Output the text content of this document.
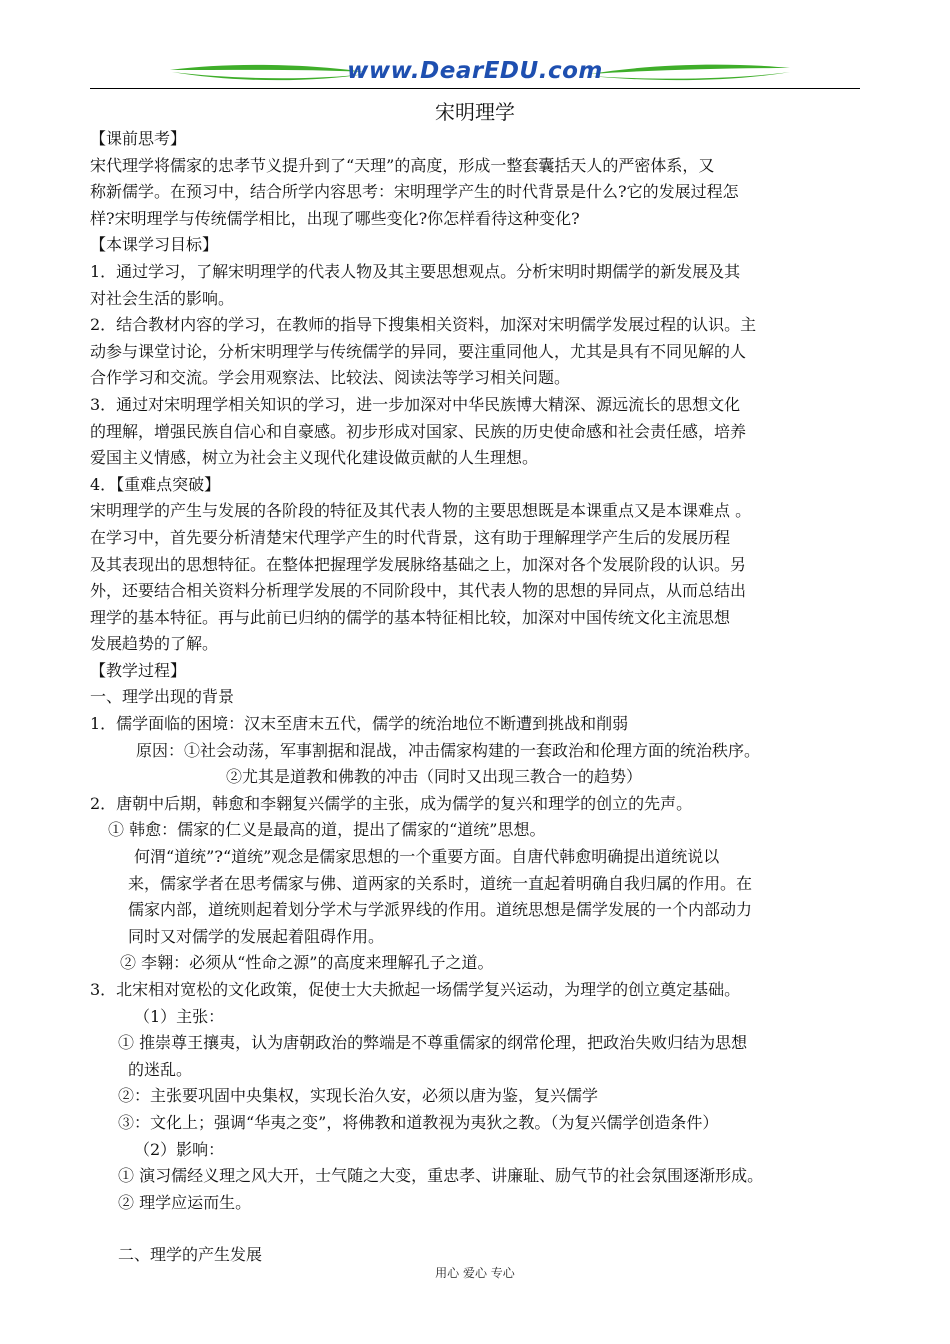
www.DearEDU.com
宋明理学

【课前思考】

宋代理学将儒家的忠孝节义提升到了“天理”的高度，形成一整套囊括天人的严密体系，又

称新儒学。在预习中，结合所学内容思考：宋明理学产生的时代背景是什么?它的发展过程怎

样?宋明理学与传统儒学相比，出现了哪些变化?你怎样看待这种变化?

【本课学习目标】

1．通过学习，了解宋明理学的代表人物及其主要思想观点。分析宋明时期儒学的新发展及其

对社会生活的影响。

2．结合教材内容的学习，在教师的指导下搜集相关资料，加深对宋明儒学发展过程的认识。主

动参与课堂讨论，分析宋明理学与传统儒学的异同，要注重同他人，尤其是具有不同见解的人

合作学习和交流。学会用观察法、比较法、阅读法等学习相关问题。

3．通过对宋明理学相关知识的学习，进一步加深对中华民族博大精深、源远流长的思想文化

的理解，增强民族自信心和自豪感。初步形成对国家、民族的历史使命感和社会责任感，培养

爱国主义情感，树立为社会主义现代化建设做贡献的人生理想。

4．【重难点突破】

宋明理学的产生与发展的各阶段的特征及其代表人物的主要思想既是本课重点又是本课难点 。

在学习中，首先要分析清楚宋代理学产生的时代背景，这有助于理解理学产生后的发展历程

及其表现出的思想特征。在整体把握理学发展脉络基础之上，加深对各个发展阶段的认识。另

外，还要结合相关资料分析理学发展的不同阶段中，其代表人物的思想的异同点，从而总结出

理学的基本特征。再与此前已归纳的儒学的基本特征相比较，加深对中国传统文化主流思想

发展趋势的了解。

【教学过程】

一、理学出现的背景

1．儒学面临的困境：汉末至唐末五代，儒学的统治地位不断遭到挑战和削弱

原因：①社会动荡，军事割据和混战，冲击儒家构建的一套政治和伦理方面的统治秩序。

②尤其是道教和佛教的冲击（同时又出现三教合一的趋势）

2．唐朝中后期，韩愈和李翱复兴儒学的主张，成为儒学的复兴和理学的创立的先声。

① 韩愈：儒家的仁义是最高的道，提出了儒家的“道统”思想。

何渭“道统”?“道统”观念是儒家思想的一个重要方面。自唐代韩愈明确提出道统说以

来，儒家学者在思考儒家与佛、道两家的关系时，道统一直起着明确自我归属的作用。在

儒家内部，道统则起着划分学术与学派界线的作用。道统思想是儒学发展的一个内部动力

同时又对儒学的发展起着阻碍作用。

② 李翱：必须从“性命之源”的高度来理解孔子之道。

3．北宋相对宽松的文化政策，促使士大夫掀起一场儒学复兴运动，为理学的创立奠定基础。

（1）主张：

① 推崇尊王攘夷，认为唐朝政治的弊端是不尊重儒家的纲常伦理，把政治失败归结为思想

的迷乱。

②：主张要巩固中央集权，实现长治久安，必须以唐为鉴，复兴儒学

③：文化上；强调“华夷之变”，将佛教和道教视为夷狄之教。（为复兴儒学创造条件）

（2）影响：

① 演习儒经义理之风大开，士气随之大变，重忠孝、讲廉耻、励气节的社会氛围逐渐形成。

② 理学应运而生。

二、理学的产生发展

用心 爱心 专心
